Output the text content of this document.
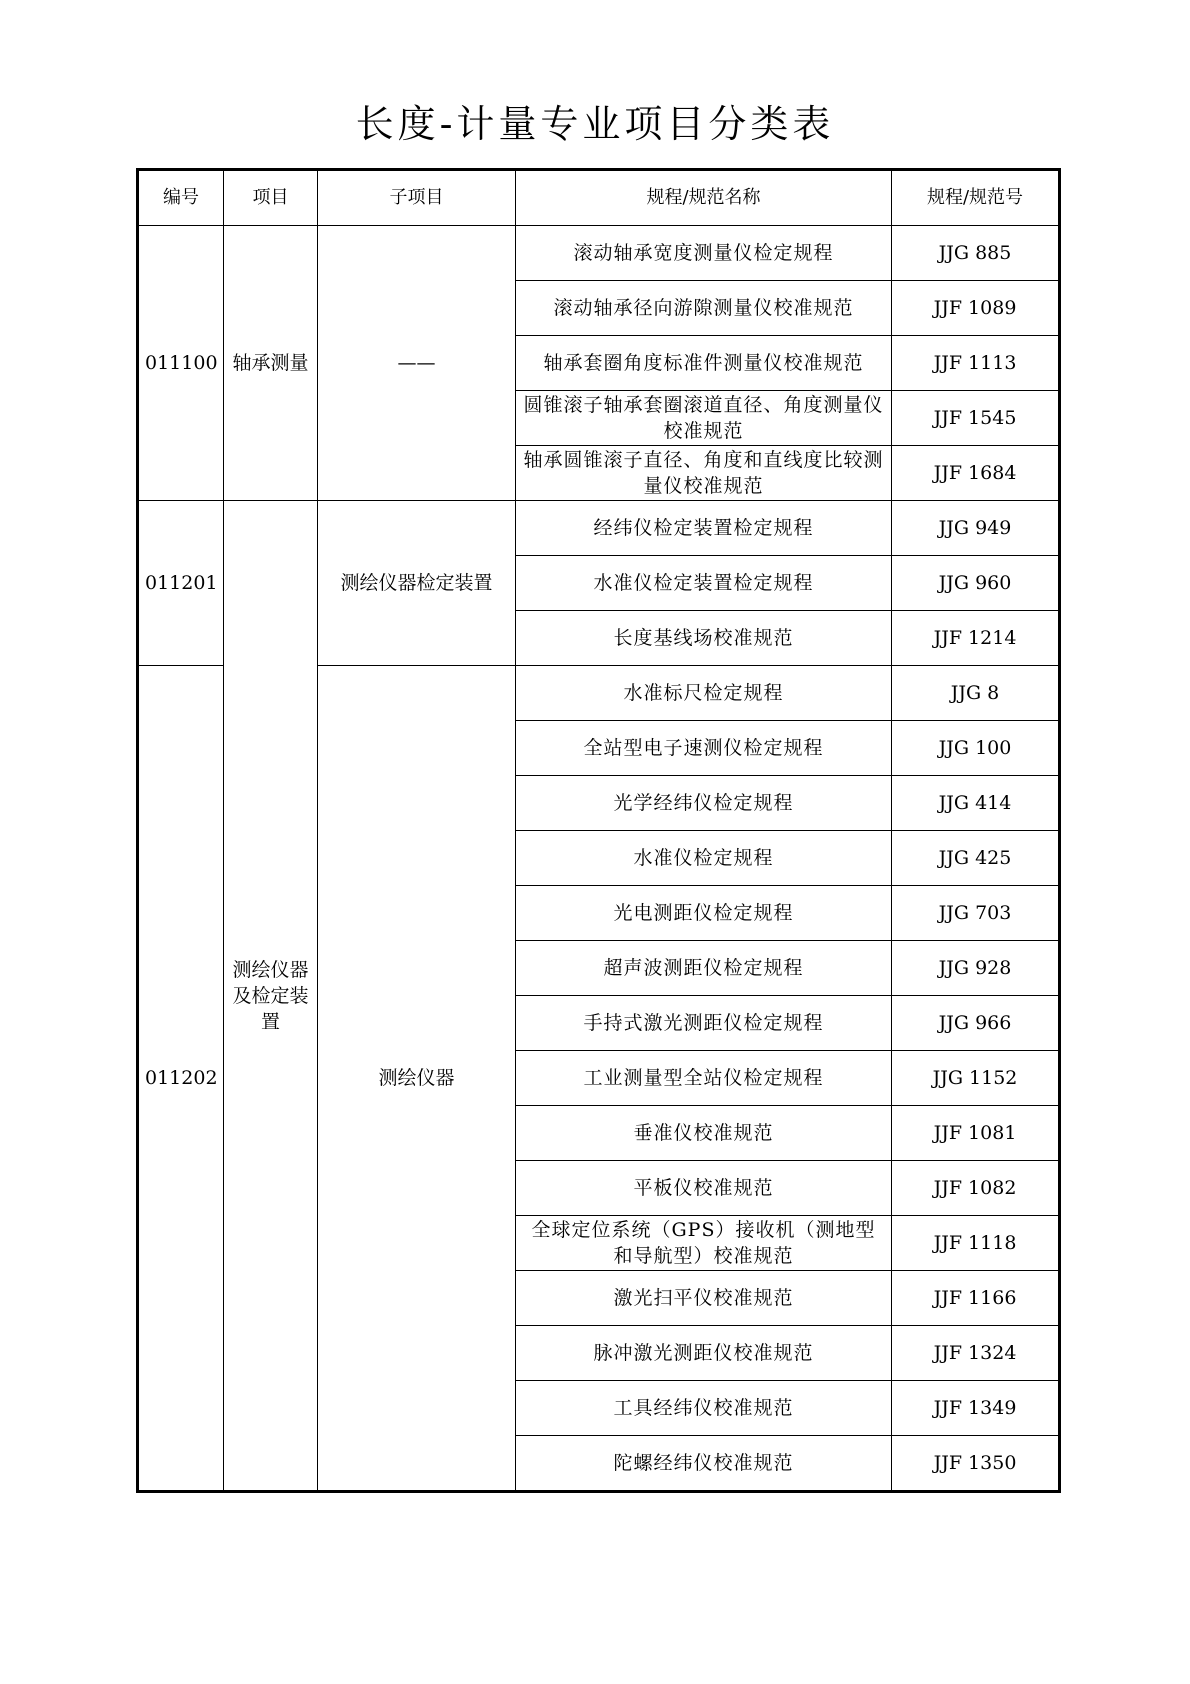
长度-计量专业项目分类表
编号	项目	子项目	规程/规范名称	规程/规范号
011100	轴承测量	——	滚动轴承宽度测量仪检定规程	JJG 885
			滚动轴承径向游隙测量仪校准规范	JJF 1089
			轴承套圈角度标准件测量仪校准规范	JJF 1113
			圆锥滚子轴承套圈滚道直径、角度测量仪校准规范	JJF 1545
			轴承圆锥滚子直径、角度和直线度比较测量仪校准规范	JJF 1684
011201	测绘仪器及检定装置	测绘仪器检定装置	经纬仪检定装置检定规程	JJG 949
			水准仪检定装置检定规程	JJG 960
			长度基线场校准规范	JJF 1214
011202		测绘仪器	水准标尺检定规程	JJG 8
			全站型电子速测仪检定规程	JJG 100
			光学经纬仪检定规程	JJG 414
			水准仪检定规程	JJG 425
			光电测距仪检定规程	JJG 703
			超声波测距仪检定规程	JJG 928
			手持式激光测距仪检定规程	JJG 966
			工业测量型全站仪检定规程	JJG 1152
			垂准仪校准规范	JJF 1081
			平板仪校准规范	JJF 1082
			全球定位系统（GPS）接收机（测地型和导航型）校准规范	JJF 1118
			激光扫平仪校准规范	JJF 1166
			脉冲激光测距仪校准规范	JJF 1324
			工具经纬仪校准规范	JJF 1349
			陀螺经纬仪校准规范	JJF 1350
